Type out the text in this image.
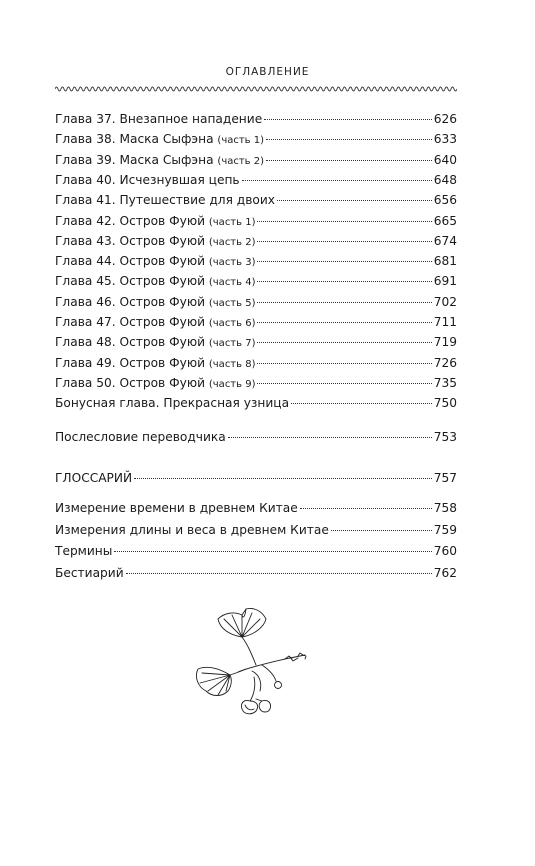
ОГЛАВЛЕНИЕ
Глава 37. Внезапное нападение	626
Глава 38. Маска Сыфэна (часть 1)	633
Глава 39. Маска Сыфэна (часть 2)	640
Глава 40. Исчезнувшая цепь	648
Глава 41. Путешествие для двоих	656
Глава 42. Остров Фуюй (часть 1)	665
Глава 43. Остров Фуюй (часть 2)	674
Глава 44. Остров Фуюй (часть 3)	681
Глава 45. Остров Фуюй (часть 4)	691
Глава 46. Остров Фуюй (часть 5)	702
Глава 47. Остров Фуюй (часть 6)	711
Глава 48. Остров Фуюй (часть 7)	719
Глава 49. Остров Фуюй (часть 8)	726
Глава 50. Остров Фуюй (часть 9)	735
Бонусная глава. Прекрасная узница	750
Послесловие переводчика	753
ГЛОССАРИЙ	757
Измерение времени в древнем Китае	758
Измерения длины и веса в древнем Китае	759
Термины	760
Бестиарий	762
